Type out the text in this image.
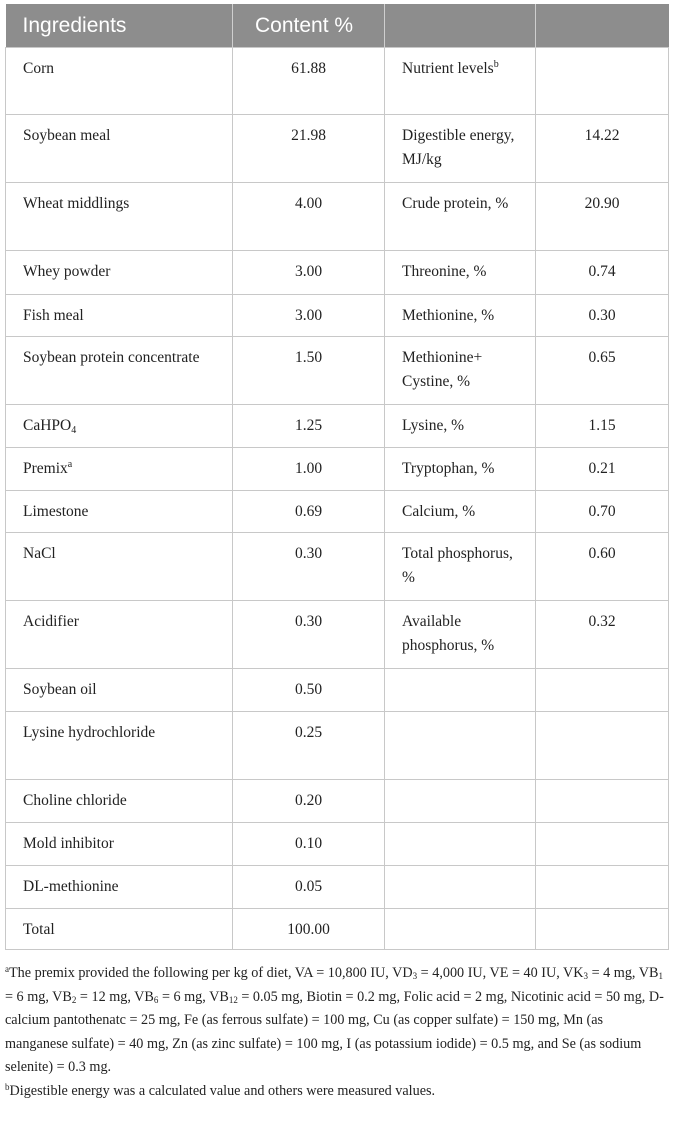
Ingredients	Content %		
Corn	61.88	Nutrient levels$^b$	
Soybean meal	21.98	Digestible energy, MJ/kg	14.22
Wheat middlings	4.00	Crude protein, %	20.90
Whey powder	3.00	Threonine, %	0.74
Fish meal	3.00	Methionine, %	0.30
Soybean protein concentrate	1.50	Methionine+ Cystine, %	0.65
CaHPO$_4$	1.25	Lysine, %	1.15
Premix$^a$	1.00	Tryptophan, %	0.21
Limestone	0.69	Calcium, %	0.70
NaCl	0.30	Total phosphorus, %	0.60
Acidifier	0.30	Available phosphorus, %	0.32
Soybean oil	0.50		
Lysine hydrochloride	0.25		
Choline chloride	0.20		
Mold inhibitor	0.10		
DL-methionine	0.05		
Total	100.00		

$^a$The premix provided the following per kg of diet, VA = 10,800 IU, $VD_3 = 4,000$ IU, VE = 40 IU, $VK_3 = 4$ mg, $VB_1 = 6$ mg, $VB_2 = 12$ mg, $VB_6 = 6$ mg, $VB_{12} = 0.05$ mg, Biotin = 0.2 mg, Folic acid = 2 mg, Nicotinic acid = 50 mg, D-calcium pantothenatc = 25 mg, Fe (as ferrous sulfate) = 100 mg, Cu (as copper sulfate) = 150 mg, Mn (as manganese sulfate) = 40 mg, Zn (as zinc sulfate) = 100 mg, I (as potassium iodide) = 0.5 mg, and Se (as sodium selenite) = 0.3 mg.

$^b$Digestible energy was a calculated value and others were measured values.
